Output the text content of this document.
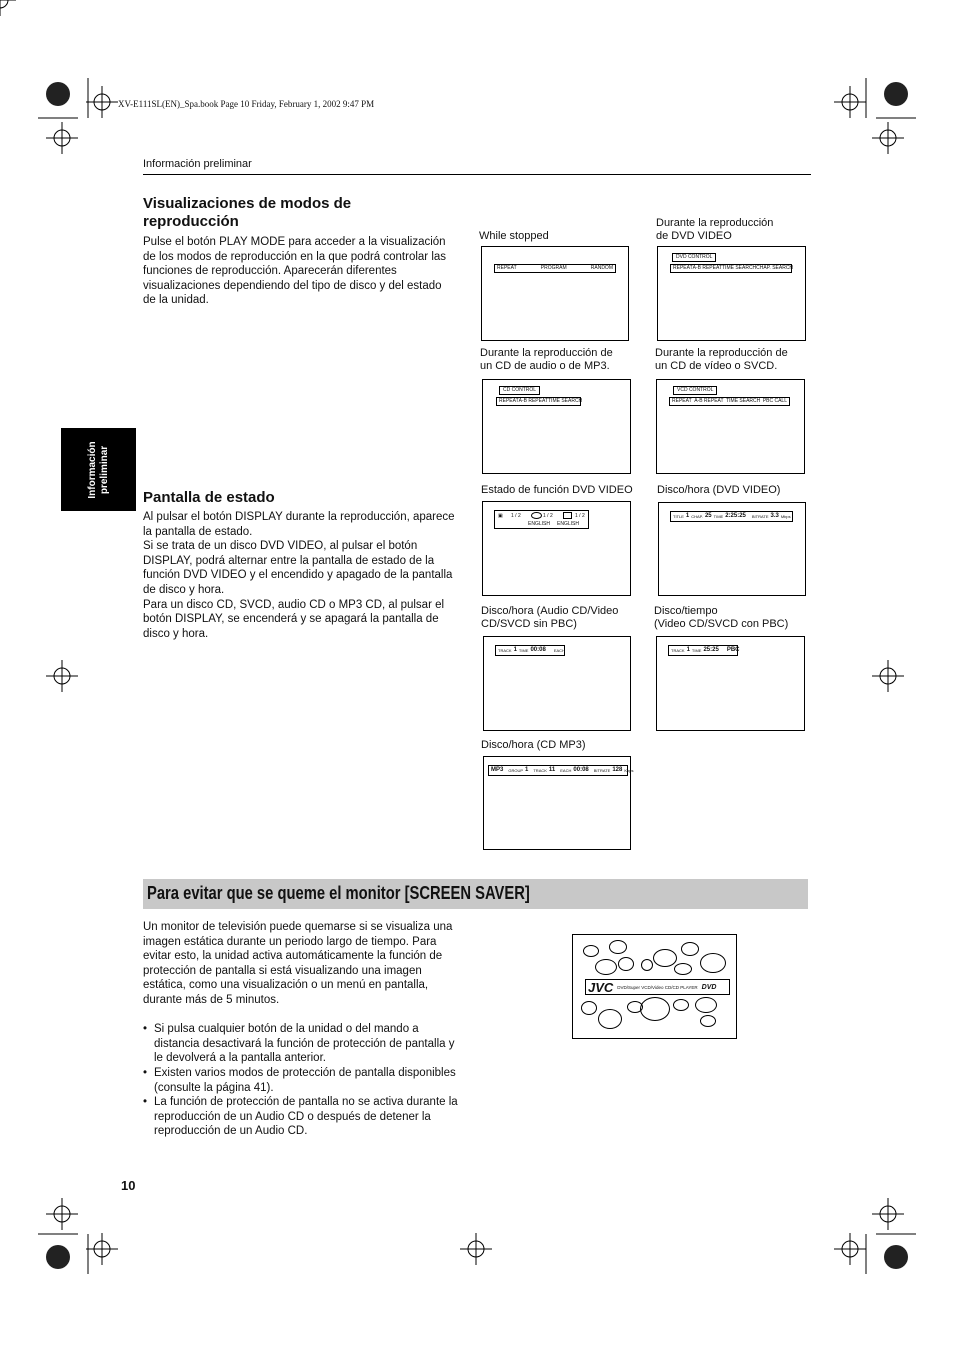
XV-E111SL(EN)_Spa.book Page 10 Friday, February 1, 2002 9:47 PM
Información preliminar
Información
preliminar
Visualizaciones de modos de
reproducción
Pulse el botón PLAY MODE para acceder a la visualización de los modos de reproducción en la que podrá controlar las funciones de reproducción. Aparecerán diferentes visualizaciones dependiendo del tipo de disco y del estado de la unidad.
Pantalla de estado
Al pulsar el botón DISPLAY durante la reproducción, aparece la pantalla de estado.
Si se trata de un disco DVD VIDEO, al pulsar el botón DISPLAY, podrá alternar entre la pantalla de estado de la función DVD VIDEO y el encendido y apagado de la pantalla de disco y hora.
Para un disco CD, SVCD, audio CD o MP3 CD, al pulsar el botón DISPLAY, se encenderá y se apagará la pantalla de disco y hora.
While stopped
REPEAT	PROGRAM	RANDOM
Durante la reproducción
de DVD VIDEO
DVD CONTROL
REPEAT A-B REPEAT TIME SEARCH CHAP. SEARCH
Durante la reproducción de
un CD de audio o de MP3.
CD CONTROL
REPEAT A-B REPEAT TIME SEARCH
Durante la reproducción de
un CD de vídeo o SVCD.
VCD CONTROL
REPEAT A-B REPEAT TIME SEARCH PBC CALL
Estado de función DVD VIDEO
▣ 1 / 2	1 / 2	1 / 2
ENGLISH ENGLISH
Disco/hora (DVD VIDEO)
TITLE 1 CHAP. 25 TIME 2:25:25 BITRATE 3.3 Mbps
Disco/hora (Audio CD/Video
CD/SVCD sin PBC)
TRACK 1 TIME 00:08 EACH
Disco/tiempo
(Video CD/SVCD con PBC)
TRACK 1 TIME 25:25 PBC
Disco/hora (CD MP3)
MP3 GROUP 1 TRACK 11 EACH 00:08 BITRATE 128 Kbps
Para evitar que se queme el monitor [SCREEN SAVER]
Un monitor de televisión puede quemarse si se visualiza una imagen estática durante un periodo largo de tiempo. Para evitar esto, la unidad activa automáticamente la función de protección de pantalla si está visualizando una imagen estática, como una visualización o un menú en pantalla, durante más de 5 minutos.
• Si pulsa cualquier botón de la unidad o del mando a distancia desactivará la función de protección de pantalla y le devolverá a la pantalla anterior.
• Existen varios modos de protección de pantalla disponibles (consulte la página 41).
• La función de protección de pantalla no se activa durante la reproducción de un Audio CD o después de detener la reproducción de un Audio CD.
JVC DVD/Super VCD/Video CD/CD PLAYER DVD
10
